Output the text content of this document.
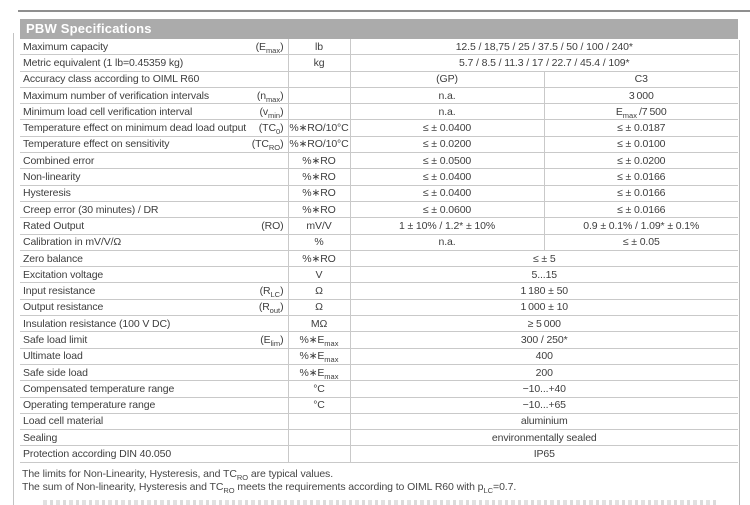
PBW Specifications
$(E_{max})$
Maximum capacity	lb	12.5 / 18,75 / 25 / 37.5 / 50 / 100 / 240*	

Metric equivalent (1 lb=0.45359 kg)	kg	5.7 / 8.5 / 11.3 / 17 / 22.7 / 45.4 / 109*	

Accuracy class according to OIML R60		(GP)	C3

$(n_{max})$
Maximum number of verification intervals		n.a.	3 000

$(v_{min})$
Minimum load cell verification interval		n.a.	$E_{max}$ /7 500

$(TC_0)$
Temperature effect on minimum dead load output	%∗RO/10°C	≤ ± 0.0400	≤ ± 0.0187

$(TC_{RO})$
Temperature effect on sensitivity	%∗RO/10°C	≤ ± 0.0200	≤ ± 0.0100

Combined error	%∗RO	≤ ± 0.0500	≤ ± 0.0200

Non-linearity	%∗RO	≤ ± 0.0400	≤ ± 0.0166

Hysteresis	%∗RO	≤ ± 0.0400	≤ ± 0.0166

Creep error (30 minutes) / DR	%∗RO	≤ ± 0.0600	≤ ± 0.0166

(RO)
Rated Output	mV/V	1 ± 10% / 1.2* ± 10%	0.9 ± 0.1% / 1.09* ± 0.1%

Calibration in mV/V/Ω	%	n.a.	≤ ± 0.05

Zero balance	%∗RO	≤ ± 5	

Excitation voltage	V	5...15	

$(R_{LC})$
Input resistance	Ω	1 180 ± 50	

$(R_{out})$
Output resistance	Ω	1 000 ± 10	

Insulation resistance (100 V DC)	MΩ	≥ 5 000	

$(E_{lim})$
Safe load limit	$\%∗E_{max}$	300 / 250*	

Ultimate load	$\%∗E_{max}$	400	

Safe side load	$\%∗E_{max}$	200	

Compensated temperature range	°C	−10...+40	

Operating temperature range	°C	−10...+65	

Load cell material		aluminium	

Sealing		environmentally sealed	

Protection according DIN 40.050		IP65	
The limits for Non-Linearity, Hysteresis, and $TC_{RO}$ are typical values.
The sum of Non-linearity, Hysteresis and $TC_{RO}$ meets the requirements according to OIML R60 with $p_{LC}=0.7$.
